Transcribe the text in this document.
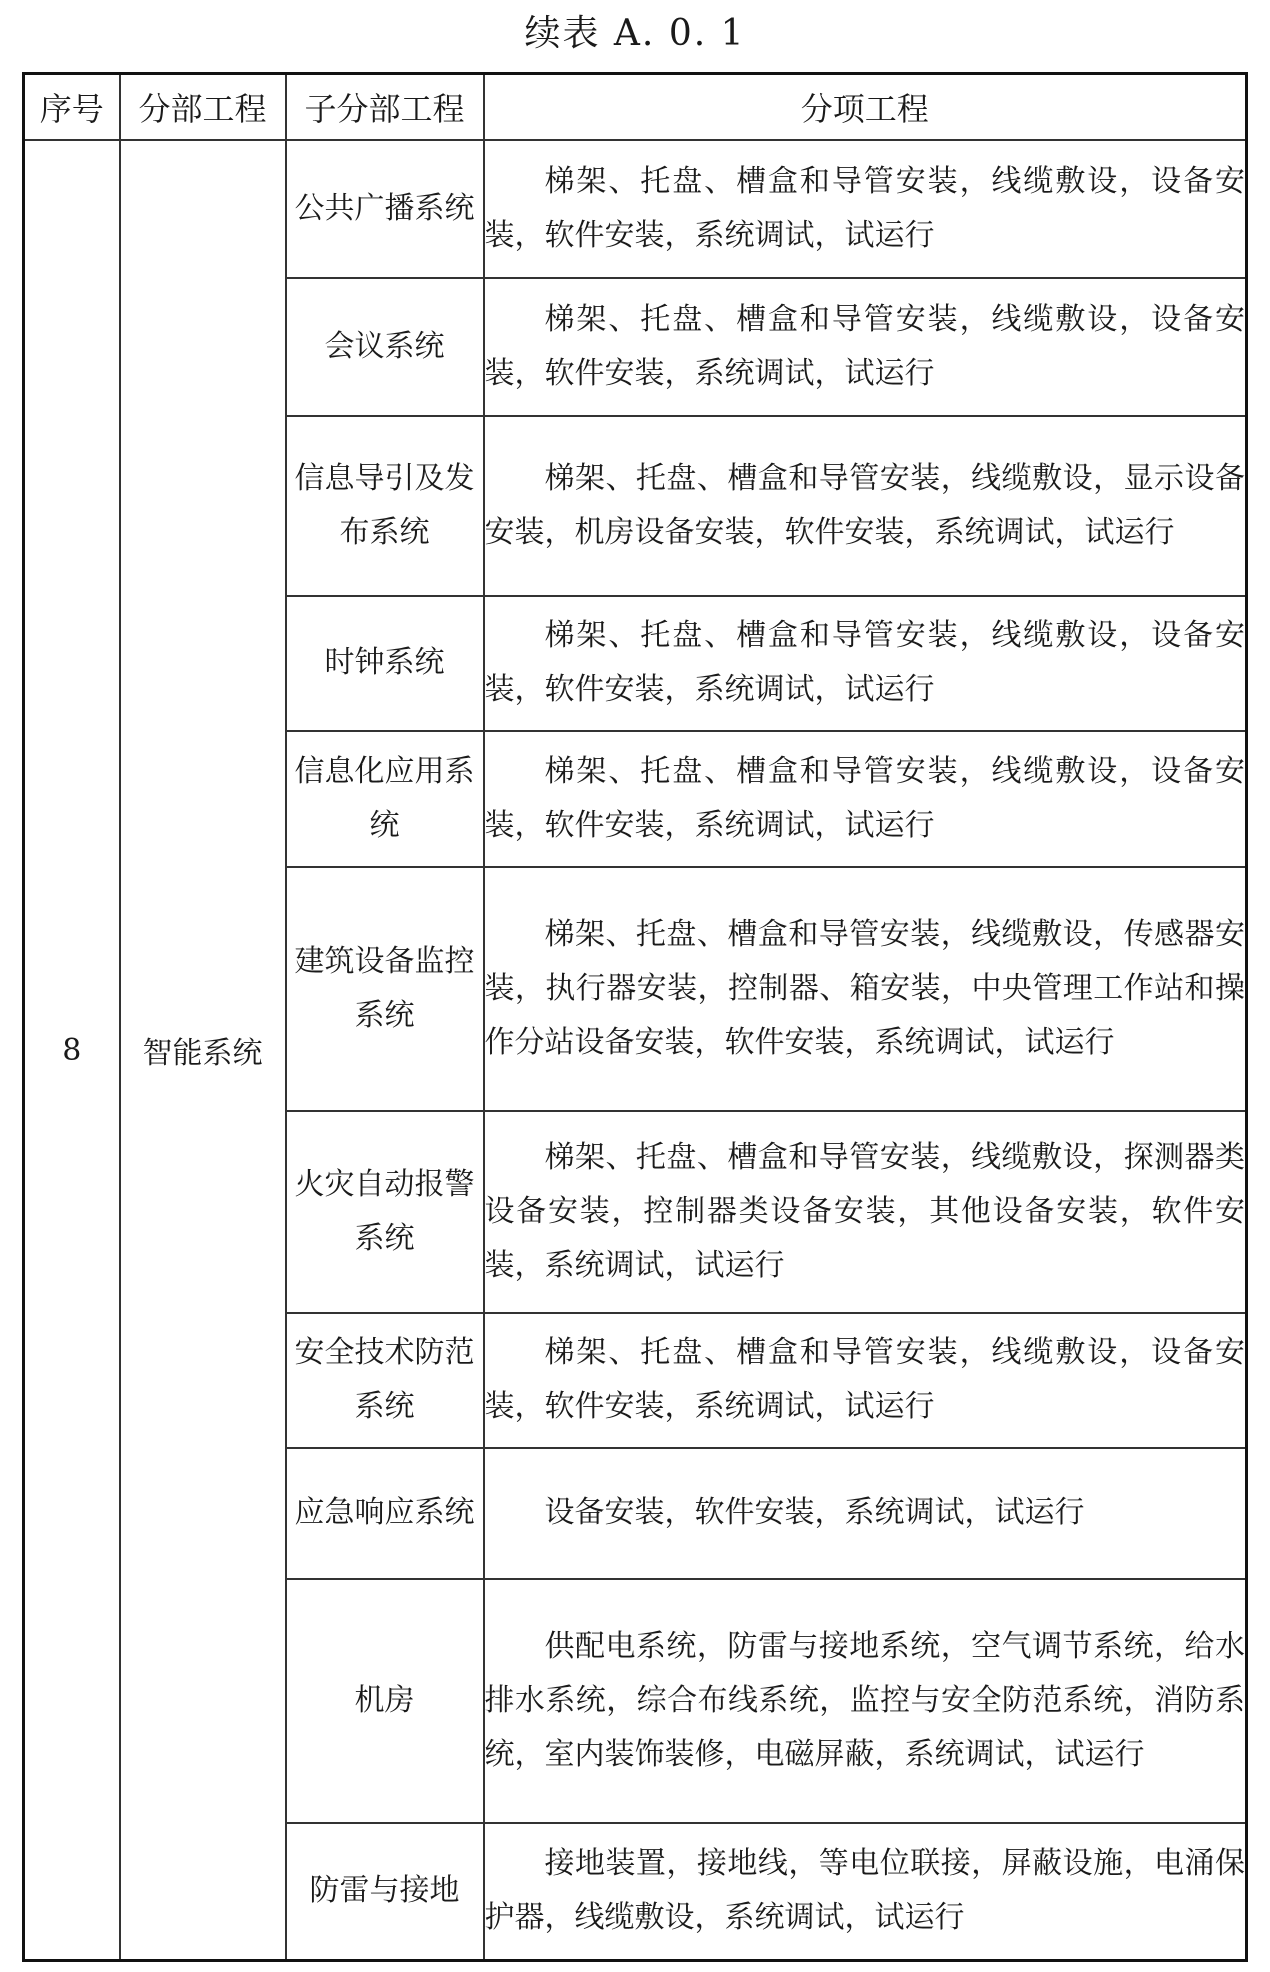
续表 A. 0. 1
序号	分部工程	子分部工程	分项工程
8	智能系统	公共广播系统	梯架、托盘、槽盒和导管安装，线缆敷设，设备安装，软件安装，系统调试，试运行
		会议系统	梯架、托盘、槽盒和导管安装，线缆敷设，设备安装，软件安装，系统调试，试运行
		信息导引及发布系统	梯架、托盘、槽盒和导管安装，线缆敷设，显示设备安装，机房设备安装，软件安装，系统调试，试运行
		时钟系统	梯架、托盘、槽盒和导管安装，线缆敷设，设备安装，软件安装，系统调试，试运行
		信息化应用系统	梯架、托盘、槽盒和导管安装，线缆敷设，设备安装，软件安装，系统调试，试运行
		建筑设备监控系统	梯架、托盘、槽盒和导管安装，线缆敷设，传感器安装，执行器安装，控制器、箱安装，中央管理工作站和操作分站设备安装，软件安装，系统调试，试运行
		火灾自动报警系统	梯架、托盘、槽盒和导管安装，线缆敷设，探测器类设备安装，控制器类设备安装，其他设备安装，软件安装，系统调试，试运行
		安全技术防范系统	梯架、托盘、槽盒和导管安装，线缆敷设，设备安装，软件安装，系统调试，试运行
		应急响应系统	设备安装，软件安装，系统调试，试运行
		机房	供配电系统，防雷与接地系统，空气调节系统，给水排水系统，综合布线系统，监控与安全防范系统，消防系统，室内装饰装修，电磁屏蔽，系统调试，试运行
		防雷与接地	接地装置，接地线，等电位联接，屏蔽设施，电涌保护器，线缆敷设，系统调试，试运行
